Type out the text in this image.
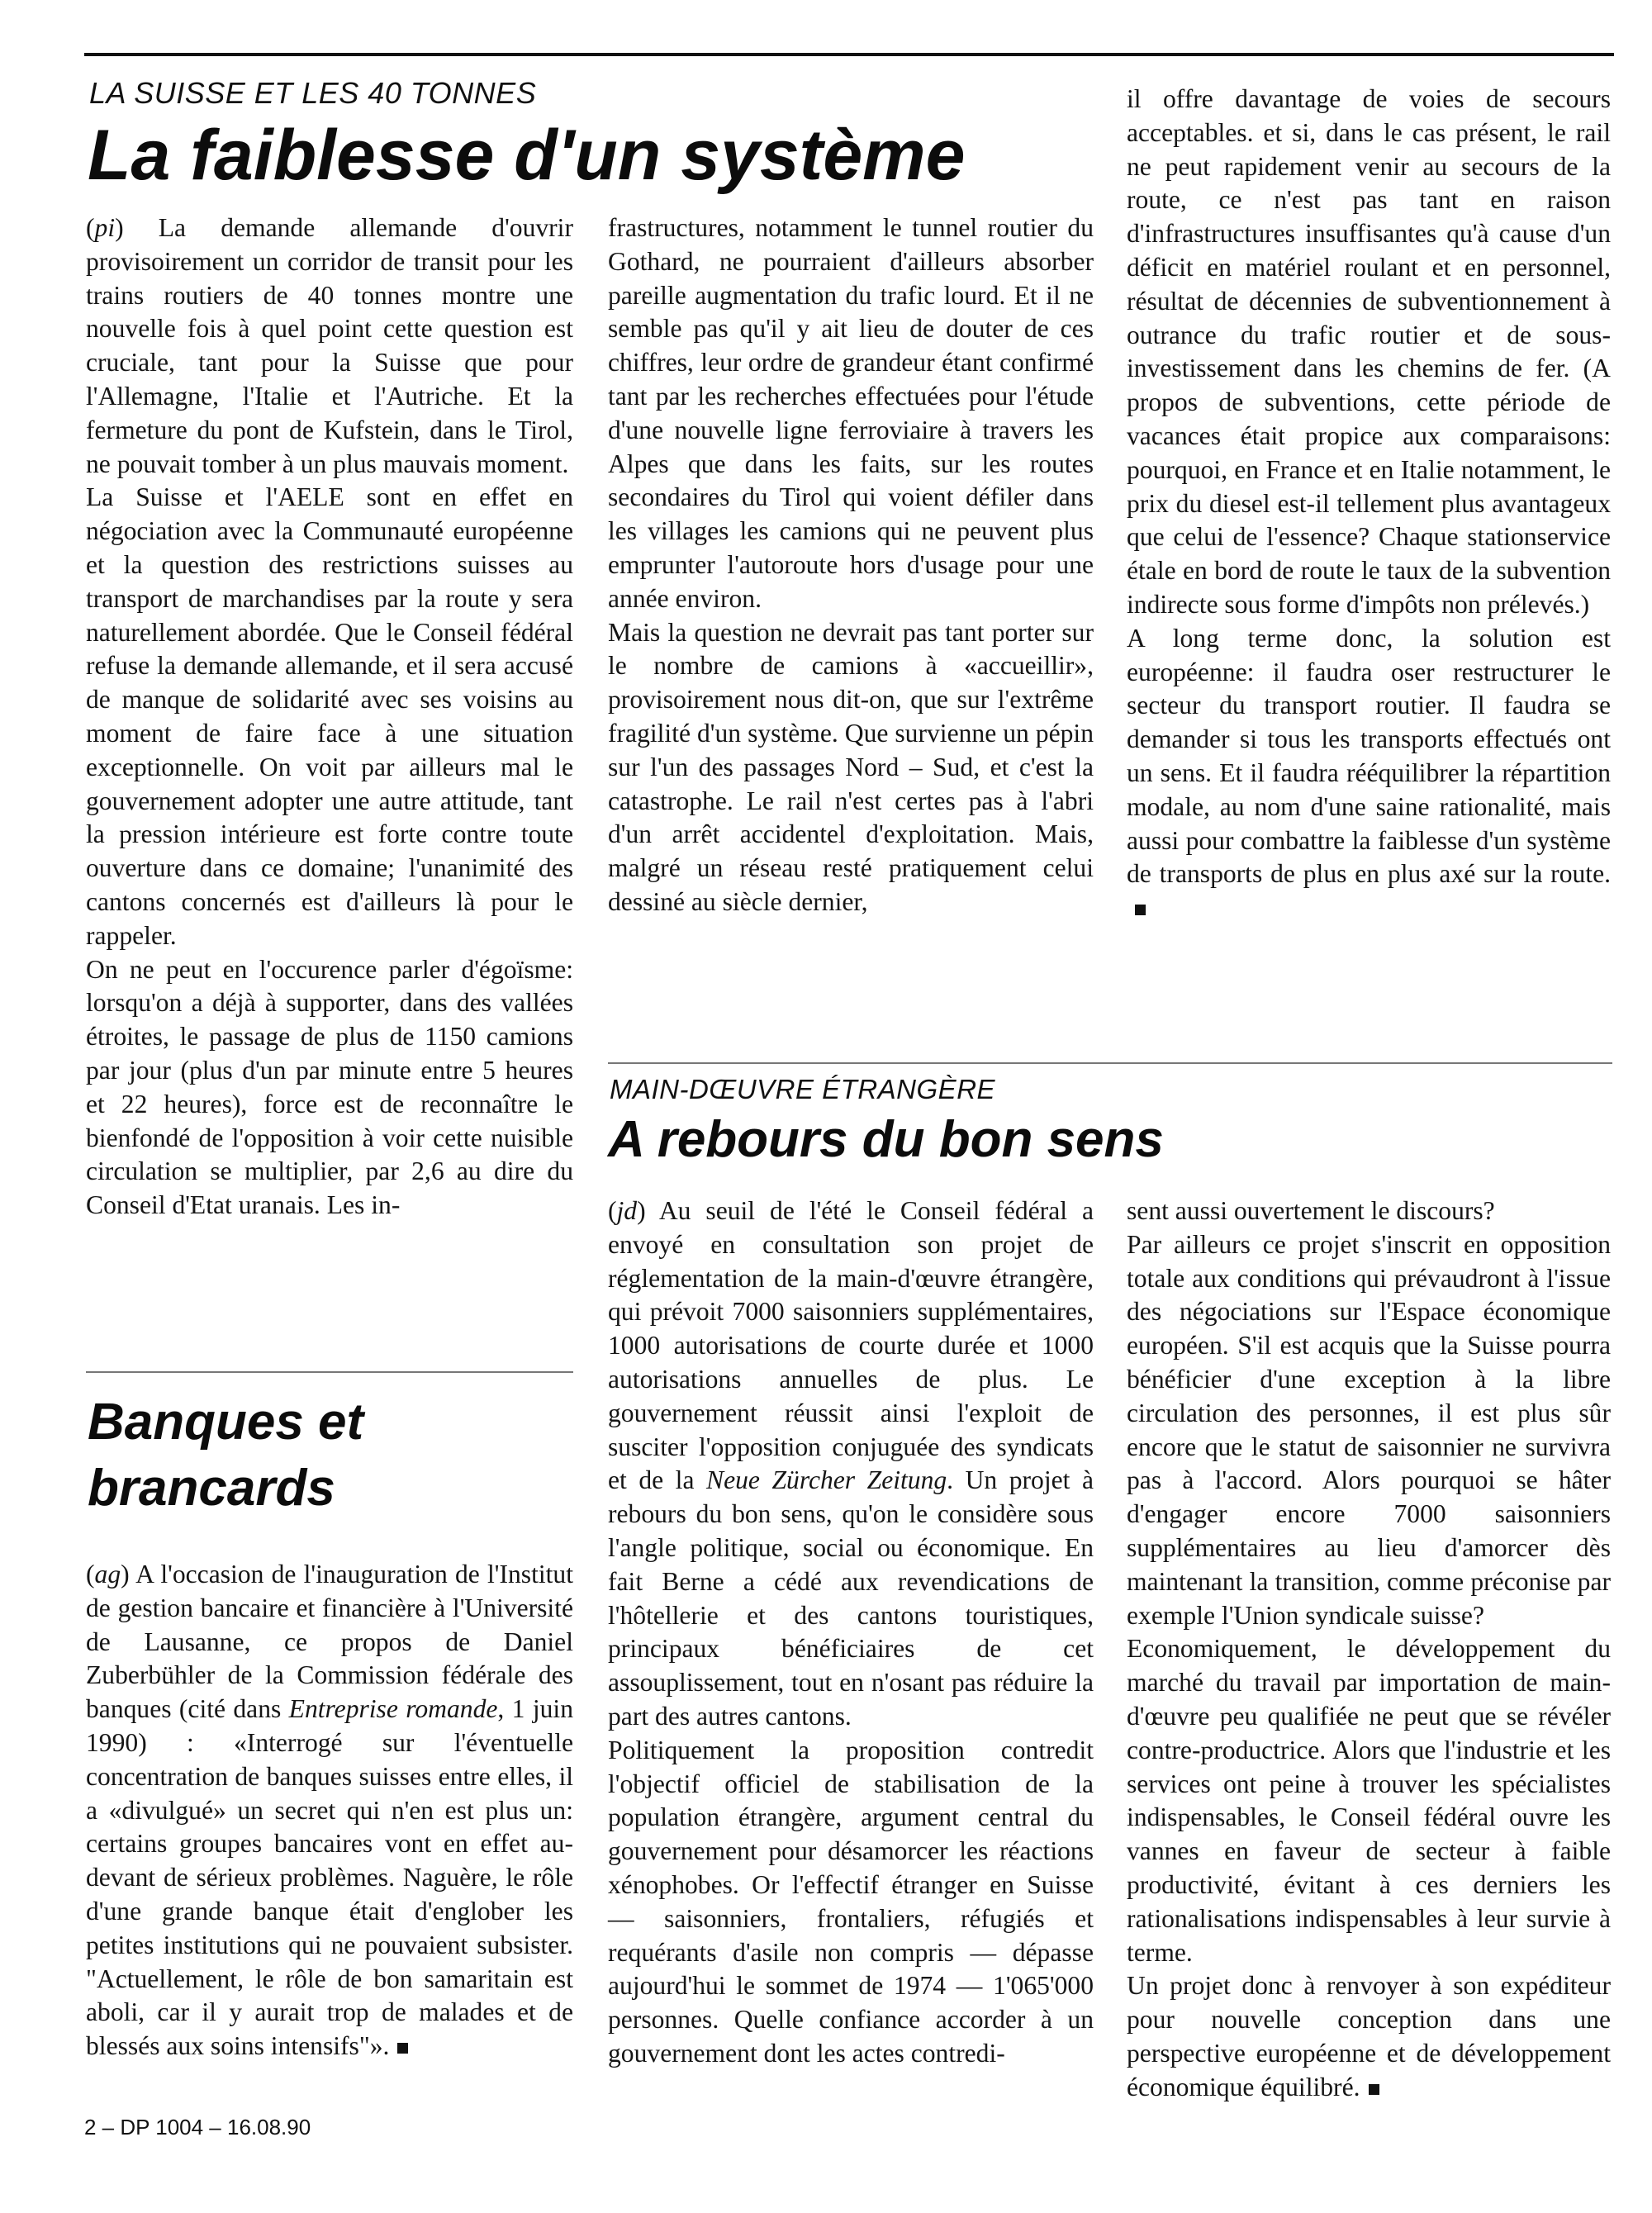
LA SUISSE ET LES 40 TONNES
La faiblesse d'un système

(pi) La demande allemande d'ouvrir provisoirement un corridor de transit pour les trains routiers de 40 tonnes montre une nouvelle fois à quel point cette question est cruciale, tant pour la Suisse que pour l'Allemagne, l'Italie et l'Autriche. Et la fermeture du pont de Kufstein, dans le Tirol, ne pouvait tomber à un plus mauvais moment.

La Suisse et l'AELE sont en effet en négociation avec la Communauté européenne et la question des restrictions suisses au transport de marchandises par la route y sera naturellement abordée. Que le Conseil fédéral refuse la demande allemande, et il sera accusé de manque de solidarité avec ses voisins au moment de faire face à une situation exceptionnelle. On voit par ailleurs mal le gouvernement adopter une autre attitude, tant la pression intérieure est forte contre toute ouverture dans ce domaine; l'unanimité des cantons concernés est d'ailleurs là pour le rappeler.

On ne peut en l'occurence parler d'égoïsme: lorsqu'on a déjà à supporter, dans des vallées étroites, le passage de plus de 1150 camions par jour (plus d'un par minute entre 5 heures et 22 heures), force est de reconnaître le bienfondé de l'opposition à voir cette nuisible circulation se multiplier, par 2,6 au dire du Conseil d'Etat uranais. Les in-

frastructures, notamment le tunnel routier du Gothard, ne pourraient d'ailleurs absorber pareille augmentation du trafic lourd. Et il ne semble pas qu'il y ait lieu de douter de ces chiffres, leur ordre de grandeur étant confirmé tant par les recherches effectuées pour l'étude d'une nouvelle ligne ferroviaire à travers les Alpes que dans les faits, sur les routes secondaires du Tirol qui voient défiler dans les villages les camions qui ne peuvent plus emprunter l'autoroute hors d'usage pour une année environ.

Mais la question ne devrait pas tant porter sur le nombre de camions à «accueillir», provisoirement nous dit-on, que sur l'extrême fragilité d'un système. Que survienne un pépin sur l'un des passages Nord – Sud, et c'est la catastrophe. Le rail n'est certes pas à l'abri d'un arrêt accidentel d'exploitation. Mais, malgré un réseau resté pratiquement celui dessiné au siècle dernier,

il offre davantage de voies de secours acceptables. et si, dans le cas présent, le rail ne peut rapidement venir au secours de la route, ce n'est pas tant en raison d'infrastructures insuffisantes qu'à cause d'un déficit en matériel roulant et en personnel, résultat de décennies de subventionnement à outrance du trafic routier et de sous-investissement dans les chemins de fer. (A propos de subventions, cette période de vacances était propice aux comparaisons: pourquoi, en France et en Italie notamment, le prix du diesel est-il tellement plus avantageux que celui de l'essence? Chaque stationservice étale en bord de route le taux de la subvention indirecte sous forme d'impôts non prélevés.)

A long terme donc, la solution est européenne: il faudra oser restructurer le secteur du transport routier. Il faudra se demander si tous les transports effectués ont un sens. Et il faudra rééquilibrer la répartition modale, au nom d'une saine rationalité, mais aussi pour combattre la faiblesse d'un système de transports de plus en plus axé sur la route.

Banques et
brancards

(ag) A l'occasion de l'inauguration de l'Institut de gestion bancaire et financière à l'Université de Lausanne, ce propos de Daniel Zuberbühler de la Commission fédérale des banques (cité dans Entreprise romande, 1 juin 1990) : «Interrogé sur l'éventuelle concentration de banques suisses entre elles, il a «divulgué» un secret qui n'en est plus un: certains groupes bancaires vont en effet au-devant de sérieux problèmes. Naguère, le rôle d'une grande banque était d'englober les petites institutions qui ne pouvaient subsister. "Actuellement, le rôle de bon samaritain est aboli, car il y aurait trop de malades et de blessés aux soins intensifs"».

MAIN-DŒUVRE ÉTRANGÈRE
A rebours du bon sens

(jd) Au seuil de l'été le Conseil fédéral a envoyé en consultation son projet de réglementation de la main-d'œuvre étrangère, qui prévoit 7000 saisonniers supplémentaires, 1000 autorisations de courte durée et 1000 autorisations annuelles de plus. Le gouvernement réussit ainsi l'exploit de susciter l'opposition conjuguée des syndicats et de la Neue Zürcher Zeitung. Un projet à rebours du bon sens, qu'on le considère sous l'angle politique, social ou économique. En fait Berne a cédé aux revendications de l'hôtellerie et des cantons touristiques, principaux bénéficiaires de cet assouplissement, tout en n'osant pas réduire la part des autres cantons.

Politiquement la proposition contredit l'objectif officiel de stabilisation de la population étrangère, argument central du gouvernement pour désamorcer les réactions xénophobes. Or l'effectif étranger en Suisse — saisonniers, frontaliers, réfugiés et requérants d'asile non compris — dépasse aujourd'hui le sommet de 1974 — 1'065'000 personnes. Quelle confiance accorder à un gouvernement dont les actes contredi-

sent aussi ouvertement le discours?

Par ailleurs ce projet s'inscrit en opposition totale aux conditions qui prévaudront à l'issue des négociations sur l'Espace économique européen. S'il est acquis que la Suisse pourra bénéficier d'une exception à la libre circulation des personnes, il est plus sûr encore que le statut de saisonnier ne survivra pas à l'accord. Alors pourquoi se hâter d'engager encore 7000 saisonniers supplémentaires au lieu d'amorcer dès maintenant la transition, comme préconise par exemple l'Union syndicale suisse?

Economiquement, le développement du marché du travail par importation de main-d'œuvre peu qualifiée ne peut que se révéler contre-productrice. Alors que l'industrie et les services ont peine à trouver les spécialistes indispensables, le Conseil fédéral ouvre les vannes en faveur de secteur à faible productivité, évitant à ces derniers les rationalisations indispensables à leur survie à terme.

Un projet donc à renvoyer à son expéditeur pour nouvelle conception dans une perspective européenne et de développement économique équilibré.

2 – DP 1004 – 16.08.90
